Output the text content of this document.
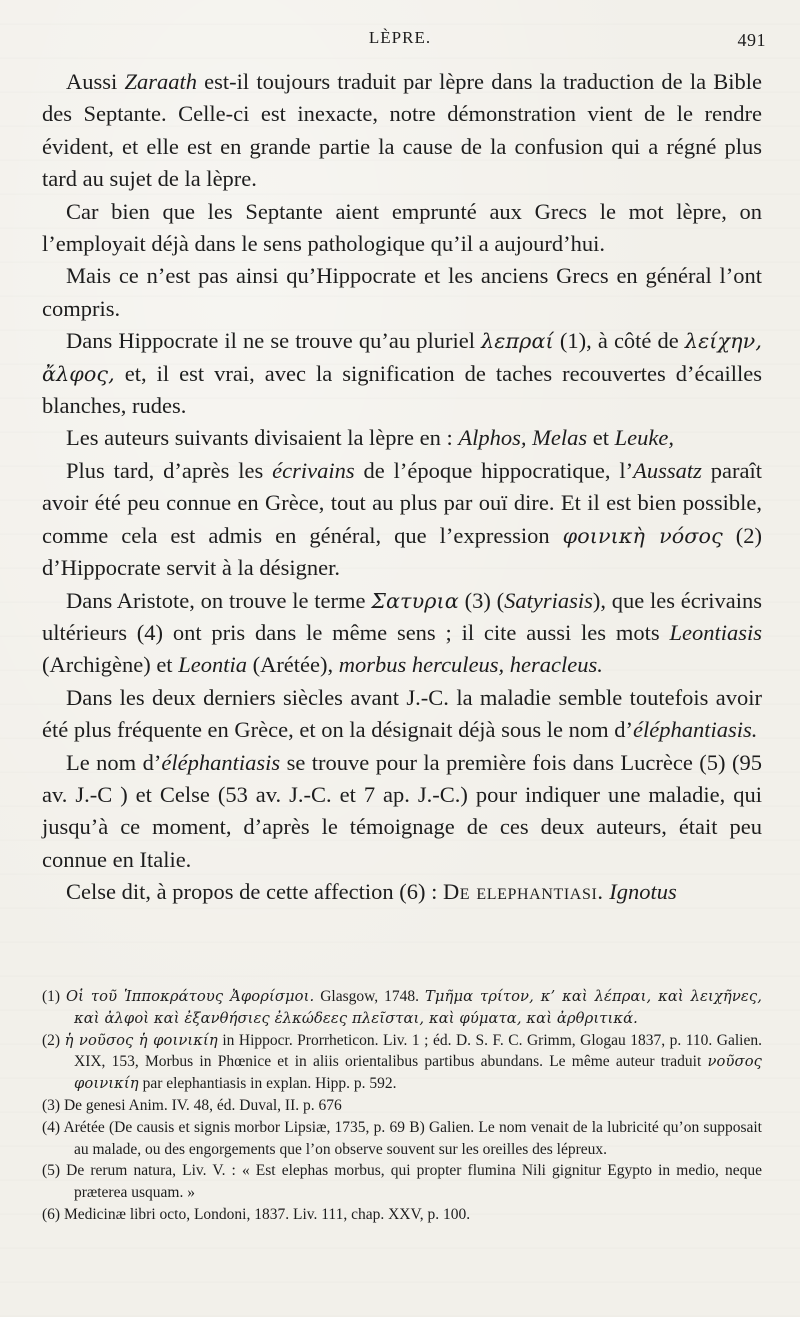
LÈPRE.	491

Aussi Zaraath est-il toujours traduit par lèpre dans la traduction de la Bible des Septante. Celle-ci est inexacte, notre démonstration vient de le rendre évident, et elle est en grande partie la cause de la confusion qui a régné plus tard au sujet de la lèpre.

Car bien que les Septante aient emprunté aux Grecs le mot lèpre, on l’employait déjà dans le sens pathologique qu’il a aujourd’hui.

Mais ce n’est pas ainsi qu’Hippocrate et les anciens Grecs en général l’ont compris.

Dans Hippocrate il ne se trouve qu’au pluriel λεπραί (1), à côté de λείχην, ἄλφος, et, il est vrai, avec la signification de taches recouvertes d’écailles blanches, rudes.

Les auteurs suivants divisaient la lèpre en : Alphos, Melas et Leuke,

Plus tard, d’après les écrivains de l’époque hippocratique, l’Aussatz paraît avoir été peu connue en Grèce, tout au plus par ouï dire. Et il est bien possible, comme cela est admis en général, que l’expression φοινικὴ νόσος (2) d’Hippocrate servit à la désigner.

Dans Aristote, on trouve le terme Σατυρια (3) (Satyriasis), que les écrivains ultérieurs (4) ont pris dans le même sens ; il cite aussi les mots Leontiasis (Archigène) et Leontia (Arétée), morbus herculeus, heracleus.

Dans les deux derniers siècles avant J.-C. la maladie semble toutefois avoir été plus fréquente en Grèce, et on la désignait déjà sous le nom d’éléphantiasis.

Le nom d’éléphantiasis se trouve pour la première fois dans Lucrèce (5) (95 av. J.-C ) et Celse (53 av. J.-C. et 7 ap. J.-C.) pour indiquer une maladie, qui jusqu’à ce moment, d’après le témoignage de ces deux auteurs, était peu connue en Italie.

Celse dit, à propos de cette affection (6) : De elephantiasi. Ignotus

(1) Οἱ τοῦ Ἱπποκράτους Ἀφορίσμοι. Glasgow, 1748. Τμῆμα τρίτον, κ’ καὶ λέπραι, καὶ λειχῆνες, καὶ ἀλφοὶ καὶ ἐξανθήσιες ἐλκώδεες πλεῖσται, καὶ φύματα, καὶ ἀρθριτικά.

(2) ἡ νοῦσος ἡ φοινικίη in Hippocr. Prorrheticon. Liv. 1 ; éd. D. S. F. C. Grimm, Glogau 1837, p. 110. Galien. XIX, 153, Morbus in Phœnice et in aliis orientalibus partibus abundans. Le même auteur traduit νοῦσος φοινικίη par elephantiasis in explan. Hipp. p. 592.

(3) De genesi Anim. IV. 48, éd. Duval, II. p. 676

(4) Arétée (De causis et signis morbor Lipsiæ, 1735, p. 69 B) Galien. Le nom venait de la lubricité qu’on supposait au malade, ou des engorgements que l’on observe souvent sur les oreilles des lépreux.

(5) De rerum natura, Liv. V. : « Est elephas morbus, qui propter flumina Nili gignitur Egypto in medio, neque præterea usquam. »

(6) Medicinæ libri octo, Londoni, 1837. Liv. 111, chap. XXV, p. 100.
